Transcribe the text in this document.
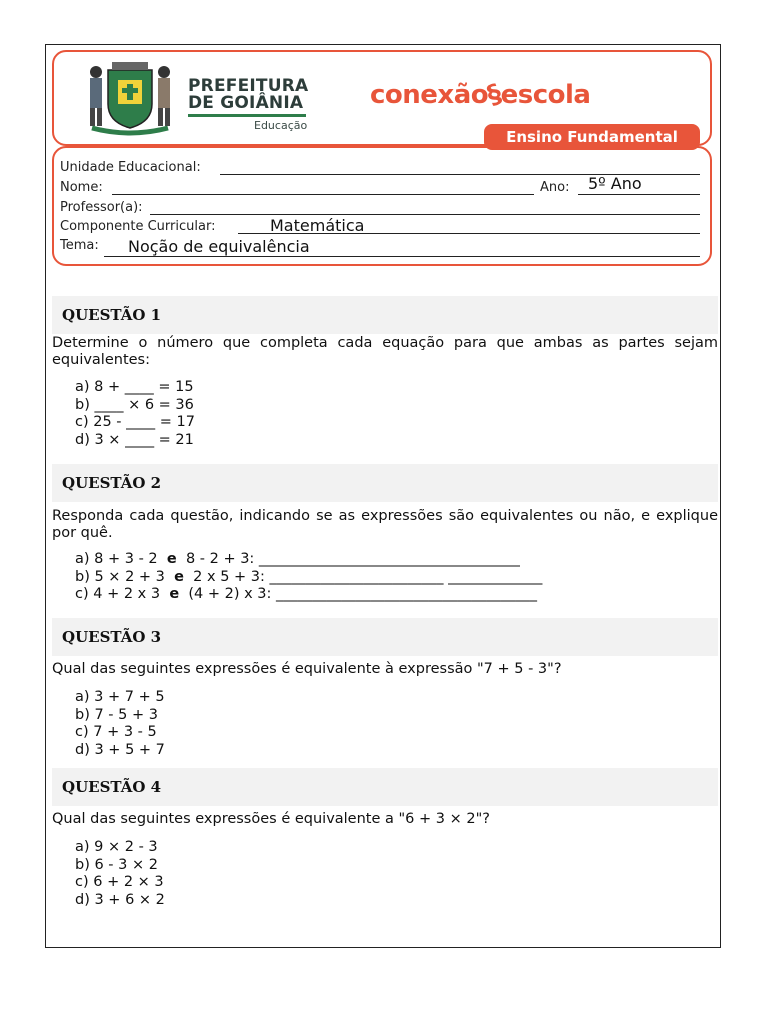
PREFEITURA
DE GOIÂNIA
Educação
conexão§escola
Ensino Fundamental
Unidade Educacional:
Nome:	Ano: 5º Ano
Professor(a):
Componente Curricular:	Matemática
Tema: Noção de equivalência
QUESTÃO 1
Determine o número que completa cada equação para que ambas as partes sejam equivalentes:
a) 8 + ____ = 15
b) ____ × 6 = 36
c) 25 - ____ = 17
d) 3 × ____ = 21
QUESTÃO 2
Responda cada questão, indicando se as expressões são equivalentes ou não, e explique por quê.
a) 8 + 3 - 2 e 8 - 2 + 3: ____________________________________
b) 5 × 2 + 3 e 2 x 5 + 3: ________________________ _____________
c) 4 + 2 x 3 e (4 + 2) x 3: ____________________________________
QUESTÃO 3
Qual das seguintes expressões é equivalente à expressão "7 + 5 - 3"?
a) 3 + 7 + 5
b) 7 - 5 + 3
c) 7 + 3 - 5
d) 3 + 5 + 7
QUESTÃO 4
Qual das seguintes expressões é equivalente a "6 + 3 × 2"?
a) 9 × 2 - 3
b) 6 - 3 × 2
c) 6 + 2 × 3
d) 3 + 6 × 2
